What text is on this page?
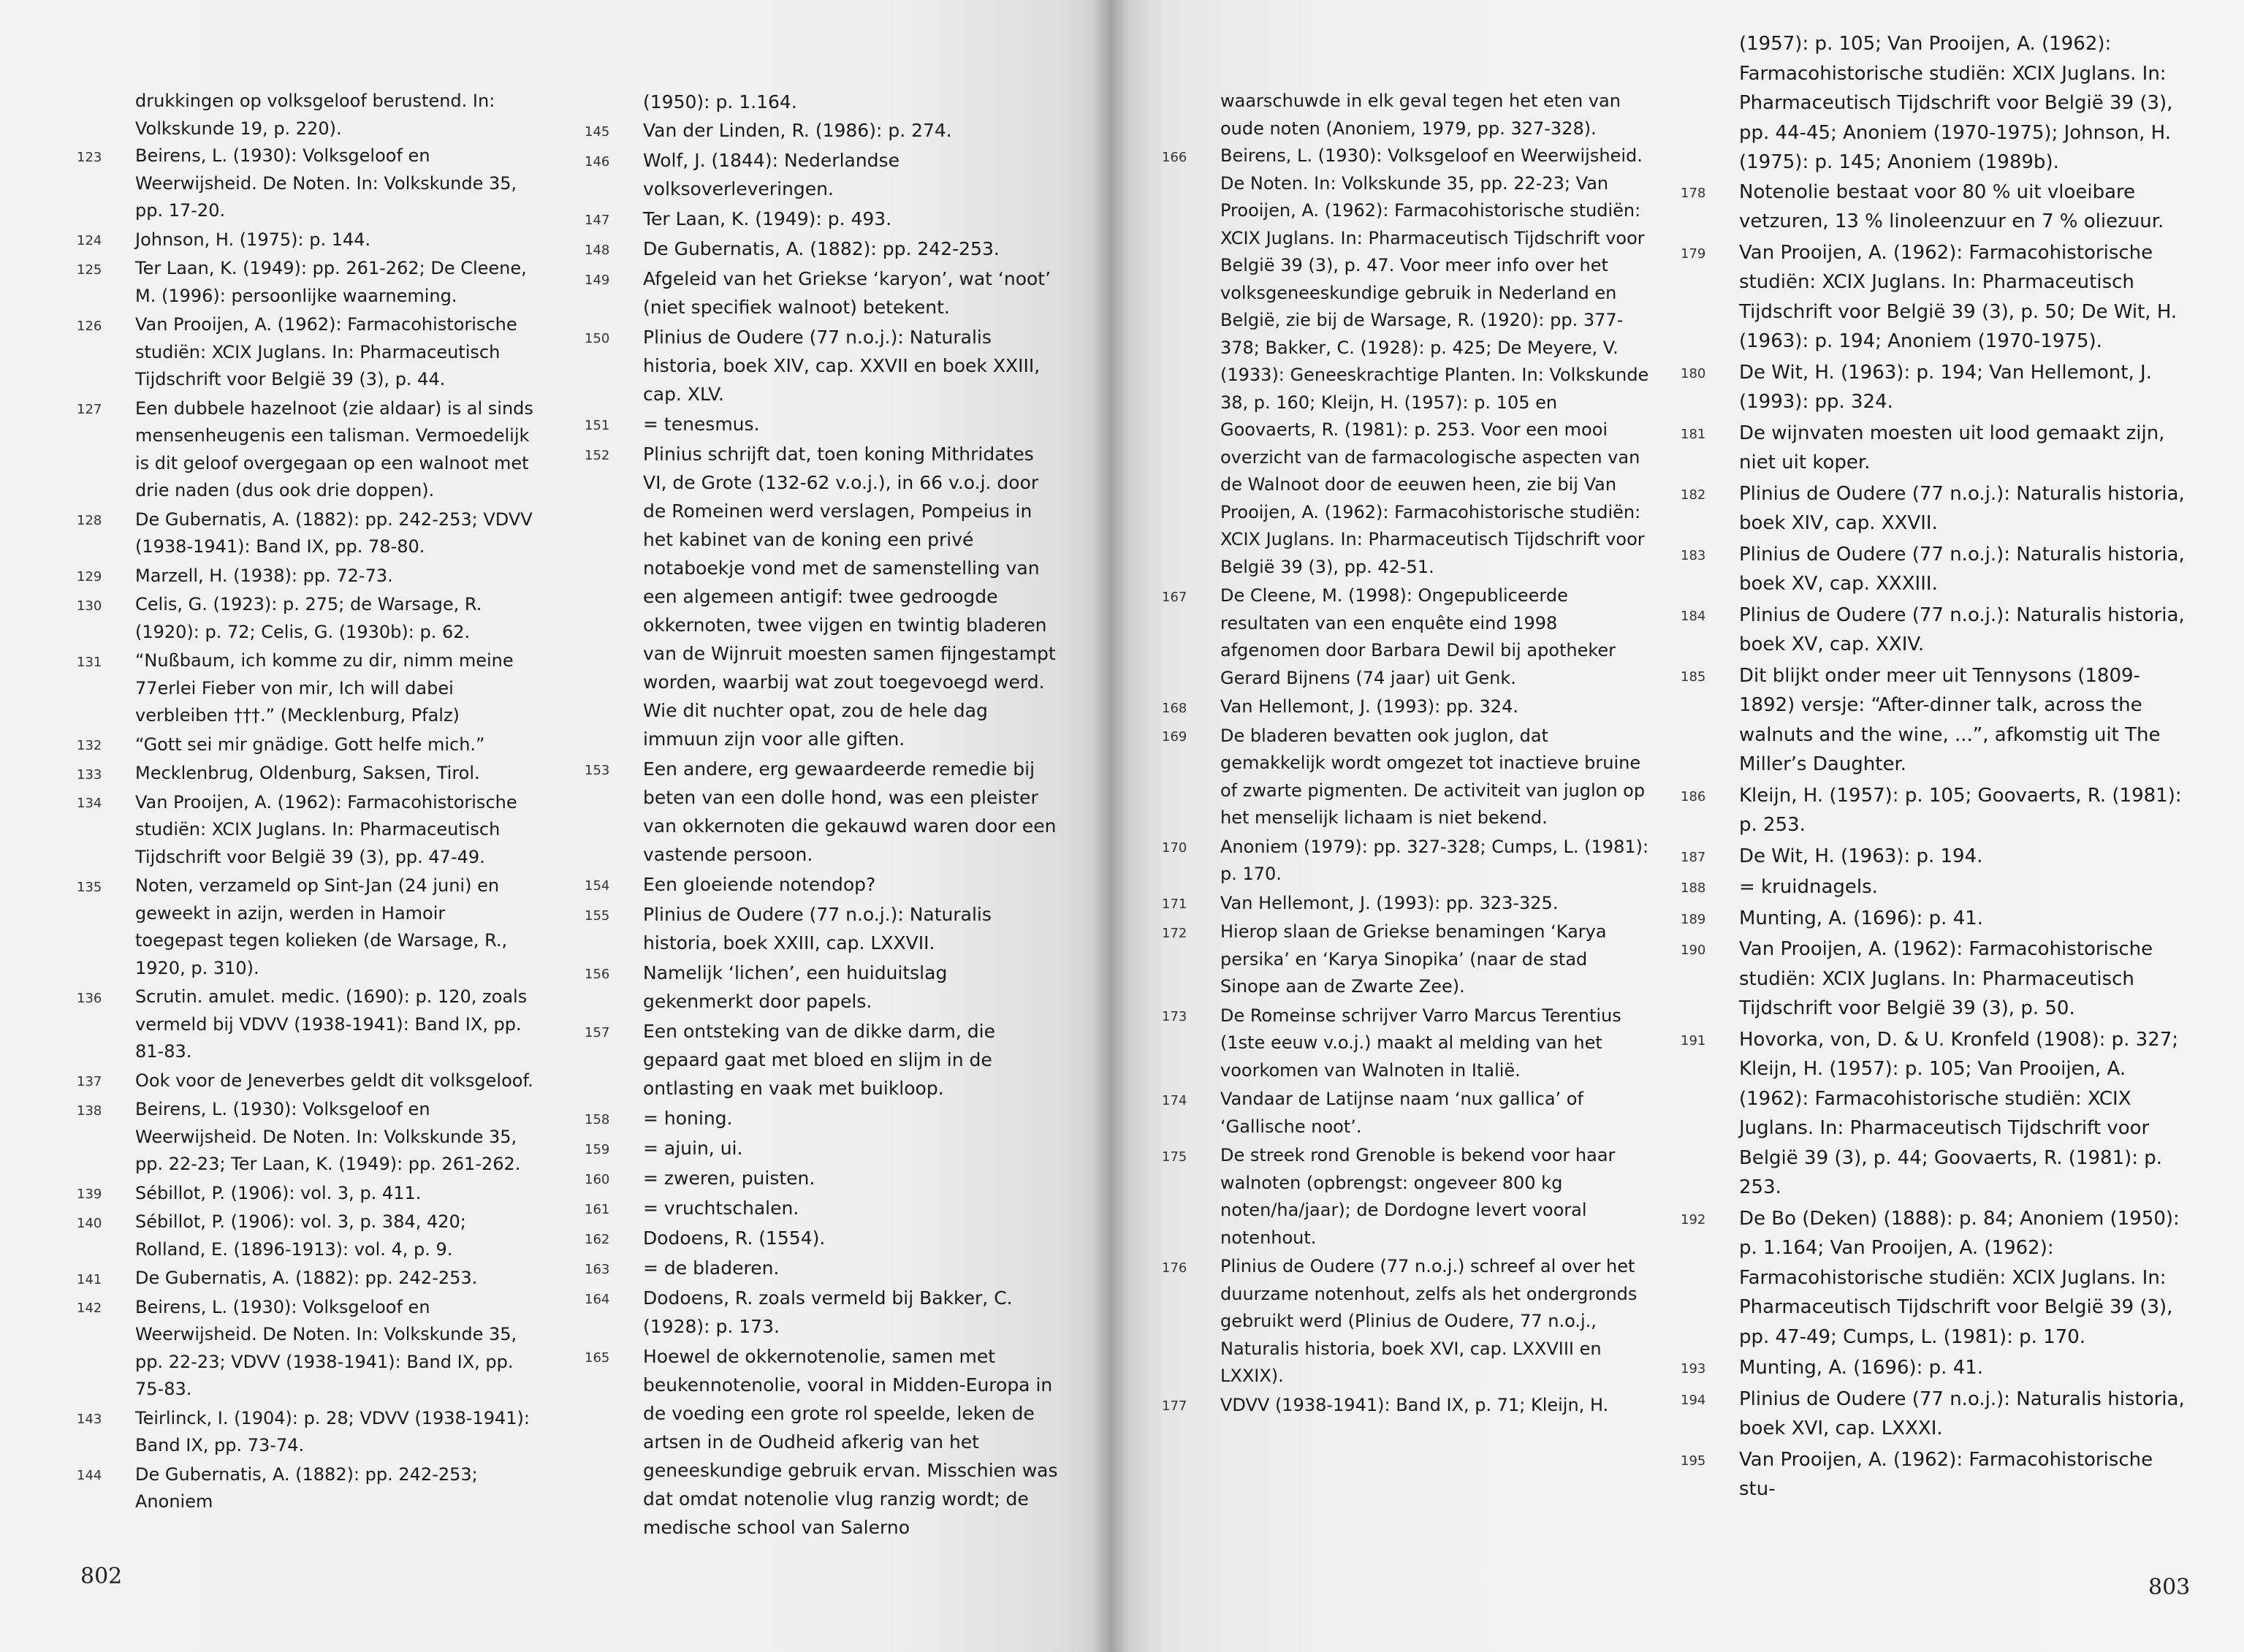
drukkingen op volksgeloof berustend. In: Volkskunde 19, p. 220).
123	Beirens, L. (1930): Volksgeloof en Weerwijsheid. De Noten. In: Volkskunde 35, pp. 17-20.
124	Johnson, H. (1975): p. 144.
125	Ter Laan, K. (1949): pp. 261-262; De Cleene, M. (1996): persoonlijke waarneming.
126	Van Prooijen, A. (1962): Farmacohistorische studiën: XCIX Juglans. In: Pharmaceutisch Tijdschrift voor België 39 (3), p. 44.
127	Een dubbele hazelnoot (zie aldaar) is al sinds mensenheugenis een talisman. Vermoedelijk is dit geloof overgegaan op een walnoot met drie naden (dus ook drie doppen).
128	De Gubernatis, A. (1882): pp. 242-253; VDVV (1938-1941): Band IX, pp. 78-80.
129	Marzell, H. (1938): pp. 72-73.
130	Celis, G. (1923): p. 275; de Warsage, R. (1920): p. 72; Celis, G. (1930b): p. 62.
131	“Nußbaum, ich komme zu dir, nimm meine 77erlei Fieber von mir, Ich will dabei verbleiben †††.” (Mecklenburg, Pfalz)
132	“Gott sei mir gnädige. Gott helfe mich.”
133	Mecklenbrug, Oldenburg, Saksen, Tirol.
134	Van Prooijen, A. (1962): Farmacohistorische studiën: XCIX Juglans. In: Pharmaceutisch Tijdschrift voor België 39 (3), pp. 47-49.
135	Noten, verzameld op Sint-Jan (24 juni) en geweekt in azijn, werden in Hamoir toegepast tegen kolieken (de Warsage, R., 1920, p. 310).
136	Scrutin. amulet. medic. (1690): p. 120, zoals vermeld bij VDVV (1938-1941): Band IX, pp. 81-83.
137	Ook voor de Jeneverbes geldt dit volksgeloof.
138	Beirens, L. (1930): Volksgeloof en Weerwijsheid. De Noten. In: Volkskunde 35, pp. 22-23; Ter Laan, K. (1949): pp. 261-262.
139	Sébillot, P. (1906): vol. 3, p. 411.
140	Sébillot, P. (1906): vol. 3, p. 384, 420; Rolland, E. (1896-1913): vol. 4, p. 9.
141	De Gubernatis, A. (1882): pp. 242-253.
142	Beirens, L. (1930): Volksgeloof en Weerwijsheid. De Noten. In: Volkskunde 35, pp. 22-23; VDVV (1938-1941): Band IX, pp. 75-83.
143	Teirlinck, I. (1904): p. 28; VDVV (1938-1941): Band IX, pp. 73-74.
144	De Gubernatis, A. (1882): pp. 242-253; Anoniem
(1950): p. 1.164.
145	Van der Linden, R. (1986): p. 274.
146	Wolf, J. (1844): Nederlandse volksoverleveringen.
147	Ter Laan, K. (1949): p. 493.
148	De Gubernatis, A. (1882): pp. 242-253.
149	Afgeleid van het Griekse ‘karyon’, wat ‘noot’ (niet specifiek walnoot) betekent.
150	Plinius de Oudere (77 n.o.j.): Naturalis historia, boek XIV, cap. XXVII en boek XXIII, cap. XLV.
151	= tenesmus.
152	Plinius schrijft dat, toen koning Mithridates VI, de Grote (132-62 v.o.j.), in 66 v.o.j. door de Romeinen werd verslagen, Pompeius in het kabinet van de koning een privé notaboekje vond met de samenstelling van een algemeen antigif: twee gedroogde okkernoten, twee vijgen en twintig bladeren van de Wijnruit moesten samen fijngestampt worden, waarbij wat zout toegevoegd werd. Wie dit nuchter opat, zou de hele dag immuun zijn voor alle giften.
153	Een andere, erg gewaardeerde remedie bij beten van een dolle hond, was een pleister van okkernoten die gekauwd waren door een vastende persoon.
154	Een gloeiende notendop?
155	Plinius de Oudere (77 n.o.j.): Naturalis historia, boek XXIII, cap. LXXVII.
156	Namelijk ‘lichen’, een huiduitslag gekenmerkt door papels.
157	Een ontsteking van de dikke darm, die gepaard gaat met bloed en slijm in de ontlasting en vaak met buikloop.
158	= honing.
159	= ajuin, ui.
160	= zweren, puisten.
161	= vruchtschalen.
162	Dodoens, R. (1554).
163	= de bladeren.
164	Dodoens, R. zoals vermeld bij Bakker, C. (1928): p. 173.
165	Hoewel de okkernotenolie, samen met beukennotenolie, vooral in Midden-Europa in de voeding een grote rol speelde, leken de artsen in de Oudheid afkerig van het geneeskundige gebruik ervan. Misschien was dat omdat notenolie vlug ranzig wordt; de medische school van Salerno
802
waarschuwde in elk geval tegen het eten van oude noten (Anoniem, 1979, pp. 327-328).
166	Beirens, L. (1930): Volksgeloof en Weerwijsheid. De Noten. In: Volkskunde 35, pp. 22-23; Van Prooijen, A. (1962): Farmacohistorische studiën: XCIX Juglans. In: Pharmaceutisch Tijdschrift voor België 39 (3), p. 47. Voor meer info over het volksgeneeskundige gebruik in Nederland en België, zie bij de Warsage, R. (1920): pp. 377-378; Bakker, C. (1928): p. 425; De Meyere, V. (1933): Geneeskrachtige Planten. In: Volkskunde 38, p. 160; Kleijn, H. (1957): p. 105 en Goovaerts, R. (1981): p. 253. Voor een mooi overzicht van de farmacologische aspecten van de Walnoot door de eeuwen heen, zie bij Van Prooijen, A. (1962): Farmacohistorische studiën: XCIX Juglans. In: Pharmaceutisch Tijdschrift voor België 39 (3), pp. 42-51.
167	De Cleene, M. (1998): Ongepubliceerde resultaten van een enquête eind 1998 afgenomen door Barbara Dewil bij apotheker Gerard Bijnens (74 jaar) uit Genk.
168	Van Hellemont, J. (1993): pp. 324.
169	De bladeren bevatten ook juglon, dat gemakkelijk wordt omgezet tot inactieve bruine of zwarte pigmenten. De activiteit van juglon op het menselijk lichaam is niet bekend.
170	Anoniem (1979): pp. 327-328; Cumps, L. (1981): p. 170.
171	Van Hellemont, J. (1993): pp. 323-325.
172	Hierop slaan de Griekse benamingen ‘Karya persika’ en ‘Karya Sinopika’ (naar de stad Sinope aan de Zwarte Zee).
173	De Romeinse schrijver Varro Marcus Terentius (1ste eeuw v.o.j.) maakt al melding van het voorkomen van Walnoten in Italië.
174	Vandaar de Latijnse naam ‘nux gallica’ of ‘Gallische noot’.
175	De streek rond Grenoble is bekend voor haar walnoten (opbrengst: ongeveer 800 kg noten/ha/jaar); de Dordogne levert vooral notenhout.
176	Plinius de Oudere (77 n.o.j.) schreef al over het duurzame notenhout, zelfs als het ondergronds gebruikt werd (Plinius de Oudere, 77 n.o.j., Naturalis historia, boek XVI, cap. LXXVIII en LXXIX).
177	VDVV (1938-1941): Band IX, p. 71; Kleijn, H.
(1957): p. 105; Van Prooijen, A. (1962): Farmacohistorische studiën: XCIX Juglans. In: Pharmaceutisch Tijdschrift voor België 39 (3), pp. 44-45; Anoniem (1970-1975); Johnson, H. (1975): p. 145; Anoniem (1989b).
178	Notenolie bestaat voor 80 % uit vloeibare vetzuren, 13 % linoleenzuur en 7 % oliezuur.
179	Van Prooijen, A. (1962): Farmacohistorische studiën: XCIX Juglans. In: Pharmaceutisch Tijdschrift voor België 39 (3), p. 50; De Wit, H. (1963): p. 194; Anoniem (1970-1975).
180	De Wit, H. (1963): p. 194; Van Hellemont, J. (1993): pp. 324.
181	De wijnvaten moesten uit lood gemaakt zijn, niet uit koper.
182	Plinius de Oudere (77 n.o.j.): Naturalis historia, boek XIV, cap. XXVII.
183	Plinius de Oudere (77 n.o.j.): Naturalis historia, boek XV, cap. XXXIII.
184	Plinius de Oudere (77 n.o.j.): Naturalis historia, boek XV, cap. XXIV.
185	Dit blijkt onder meer uit Tennysons (1809-1892) versje: “After-dinner talk, across the walnuts and the wine, ...”, afkomstig uit The Miller’s Daughter.
186	Kleijn, H. (1957): p. 105; Goovaerts, R. (1981): p. 253.
187	De Wit, H. (1963): p. 194.
188	= kruidnagels.
189	Munting, A. (1696): p. 41.
190	Van Prooijen, A. (1962): Farmacohistorische studiën: XCIX Juglans. In: Pharmaceutisch Tijdschrift voor België 39 (3), p. 50.
191	Hovorka, von, D. & U. Kronfeld (1908): p. 327; Kleijn, H. (1957): p. 105; Van Prooijen, A. (1962): Farmacohistorische studiën: XCIX Juglans. In: Pharmaceutisch Tijdschrift voor België 39 (3), p. 44; Goovaerts, R. (1981): p. 253.
192	De Bo (Deken) (1888): p. 84; Anoniem (1950): p. 1.164; Van Prooijen, A. (1962): Farmacohistorische studiën: XCIX Juglans. In: Pharmaceutisch Tijdschrift voor België 39 (3), pp. 47-49; Cumps, L. (1981): p. 170.
193	Munting, A. (1696): p. 41.
194	Plinius de Oudere (77 n.o.j.): Naturalis historia, boek XVI, cap. LXXXI.
195	Van Prooijen, A. (1962): Farmacohistorische stu-
803
